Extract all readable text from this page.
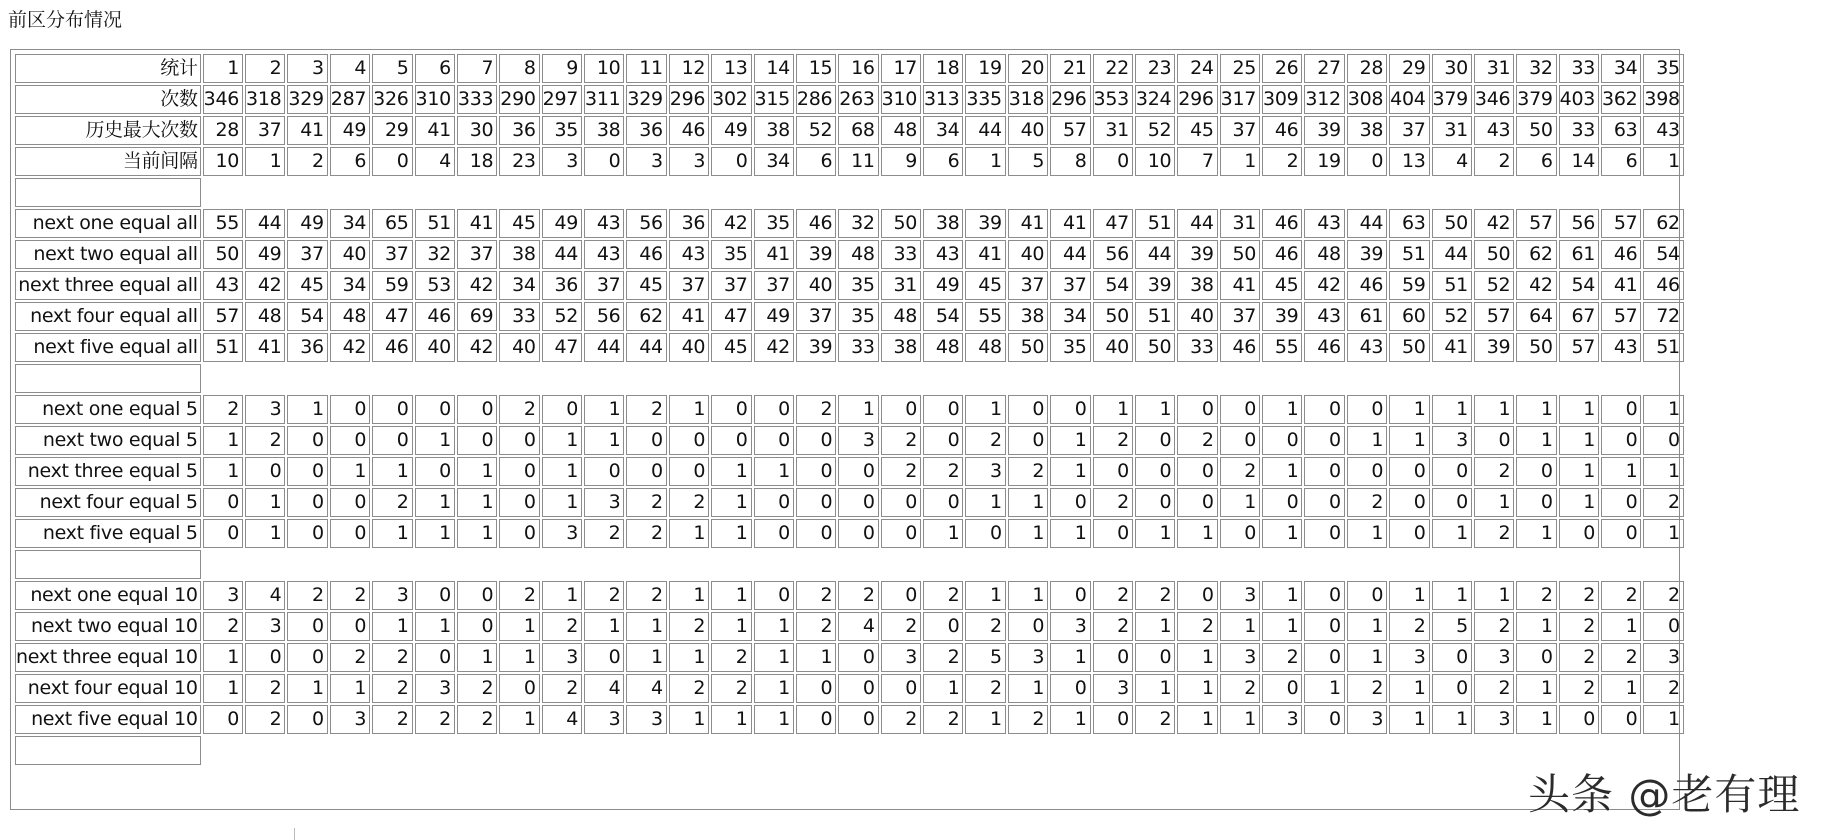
前区分布情况
统计	1	2	3	4	5	6	7	8	9	10	11	12	13	14	15	16	17	18	19	20	21	22	23	24	25	26	27	28	29	30	31	32	33	34	35
次数	346	318	329	287	326	310	333	290	297	311	329	296	302	315	286	263	310	313	335	318	296	353	324	296	317	309	312	308	404	379	346	379	403	362	398
历史最大次数	28	37	41	49	29	41	30	36	35	38	36	46	49	38	52	68	48	34	44	40	57	31	52	45	37	46	39	38	37	31	43	50	33	63	43
当前间隔	10	1	2	6	0	4	18	23	3	0	3	3	0	34	6	11	9	6	1	5	8	0	10	7	1	2	19	0	13	4	2	6	14	6	1

next one equal all	55	44	49	34	65	51	41	45	49	43	56	36	42	35	46	32	50	38	39	41	41	47	51	44	31	46	43	44	63	50	42	57	56	57	62
next two equal all	50	49	37	40	37	32	37	38	44	43	46	43	35	41	39	48	33	43	41	40	44	56	44	39	50	46	48	39	51	44	50	62	61	46	54
next three equal all	43	42	45	34	59	53	42	34	36	37	45	37	37	37	40	35	31	49	45	37	37	54	39	38	41	45	42	46	59	51	52	42	54	41	46
next four equal all	57	48	54	48	47	46	69	33	52	56	62	41	47	49	37	35	48	54	55	38	34	50	51	40	37	39	43	61	60	52	57	64	67	57	72
next five equal all	51	41	36	42	46	40	42	40	47	44	44	40	45	42	39	33	38	48	48	50	35	40	50	33	46	55	46	43	50	41	39	50	57	43	51

next one equal 5	2	3	1	0	0	0	0	2	0	1	2	1	0	0	2	1	0	0	1	0	0	1	1	0	0	1	0	0	1	1	1	1	1	0	1
next two equal 5	1	2	0	0	0	1	0	0	1	1	0	0	0	0	0	3	2	0	2	0	1	2	0	2	0	0	0	1	1	3	0	1	1	0	0
next three equal 5	1	0	0	1	1	0	1	0	1	0	0	0	1	1	0	0	2	2	3	2	1	0	0	0	2	1	0	0	0	0	2	0	1	1	1
next four equal 5	0	1	0	0	2	1	1	0	1	3	2	2	1	0	0	0	0	0	1	1	0	2	0	0	1	0	0	2	0	0	1	0	1	0	2
next five equal 5	0	1	0	0	1	1	1	0	3	2	2	1	1	0	0	0	0	1	0	1	1	0	1	1	0	1	0	1	0	1	2	1	0	0	1

next one equal 10	3	4	2	2	3	0	0	2	1	2	2	1	1	0	2	2	0	2	1	1	0	2	2	0	3	1	0	0	1	1	1	2	2	2	2
next two equal 10	2	3	0	0	1	1	0	1	2	1	1	2	1	1	2	4	2	0	2	0	3	2	1	2	1	1	0	1	2	5	2	1	2	1	0
next three equal 10	1	0	0	2	2	0	1	1	3	0	1	1	2	1	1	0	3	2	5	3	1	0	0	1	3	2	0	1	3	0	3	0	2	2	3
next four equal 10	1	2	1	1	2	3	2	0	2	4	4	2	2	1	0	0	0	1	2	1	0	3	1	1	2	0	1	2	1	0	2	1	2	1	2
next five equal 10	0	2	0	3	2	2	2	1	4	3	3	1	1	1	0	0	2	2	1	2	1	0	2	1	1	3	0	3	1	1	3	1	0	0	1

头条 @老有理
